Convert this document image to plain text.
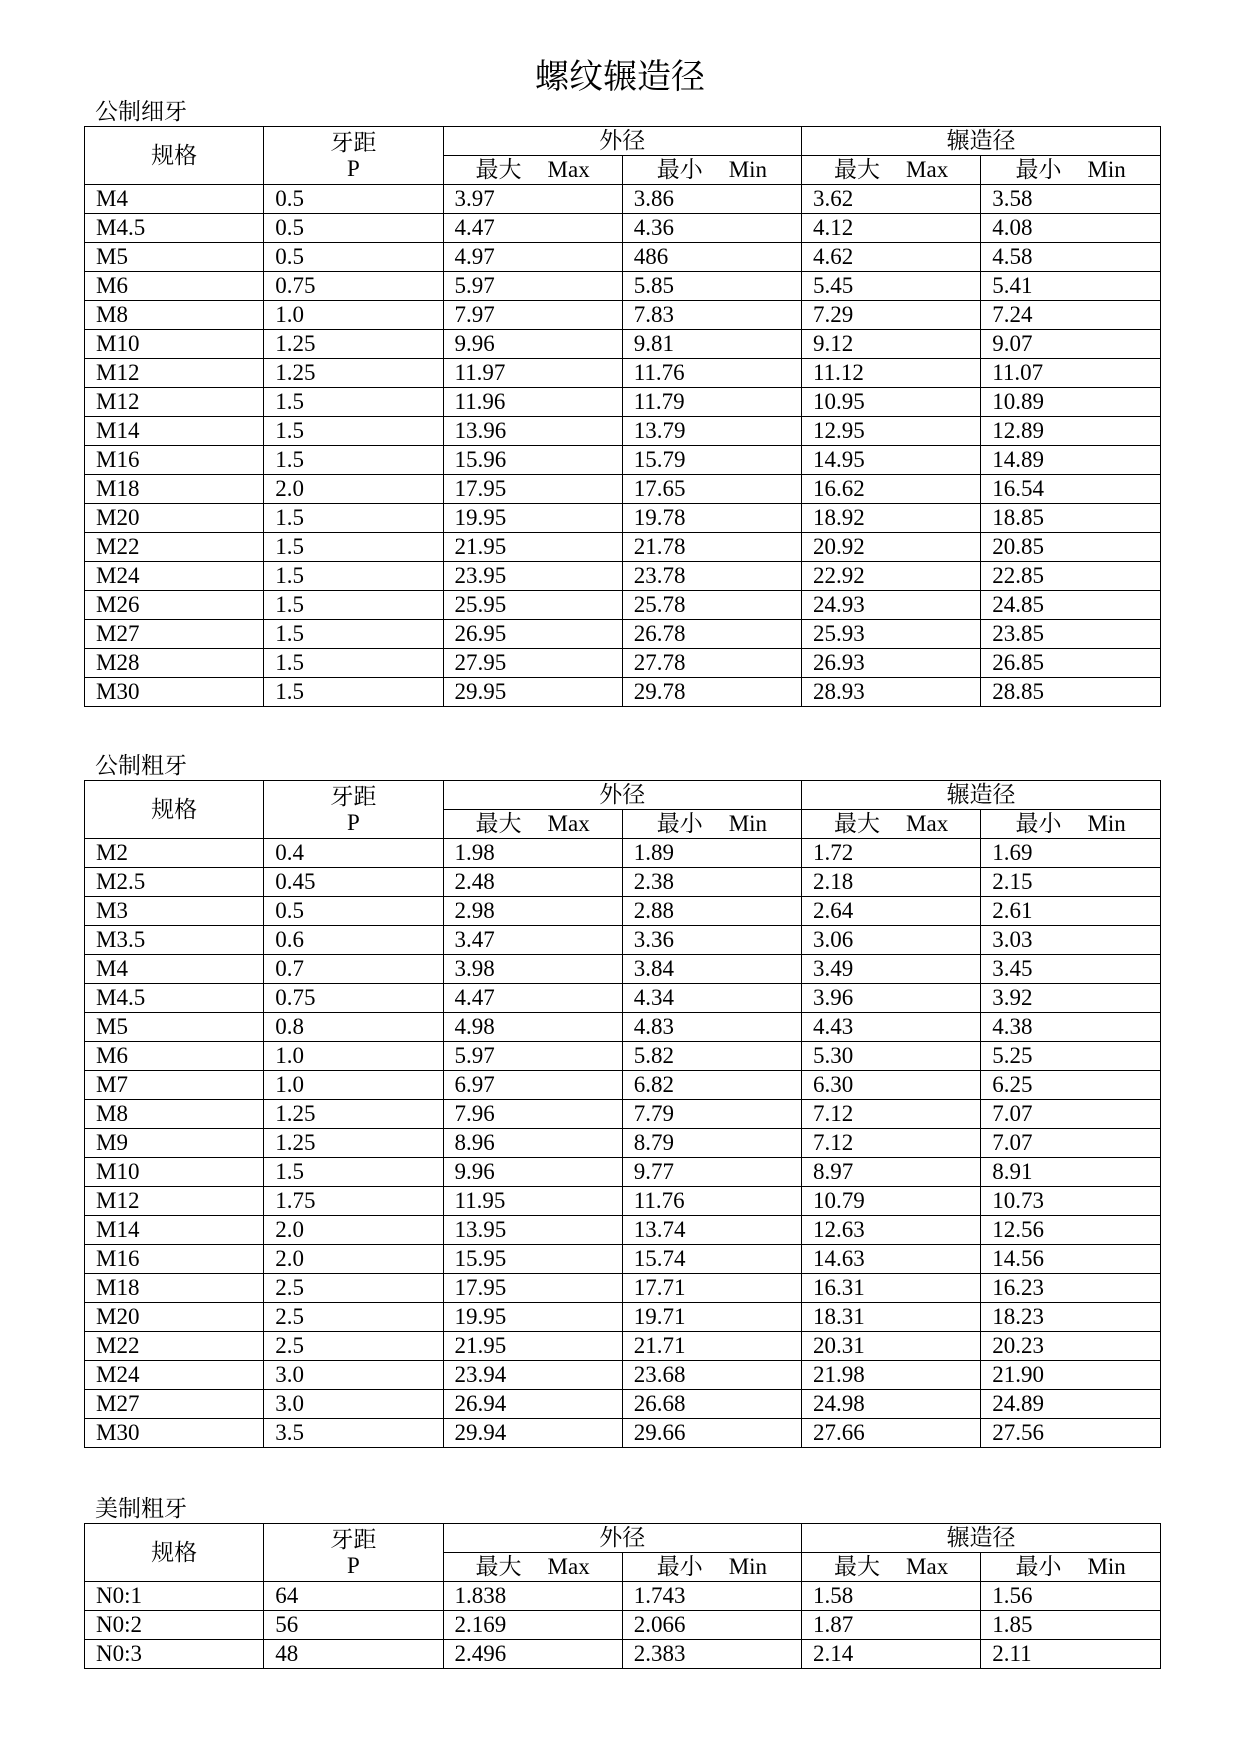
螺纹辗造径
公制细牙
规格	牙距
P	外径		辗造径	
		最大 Max	最小 Min	最大 Max	最小 Min
M4	0.5	3.97	3.86	3.62	3.58
M4.5	0.5	4.47	4.36	4.12	4.08
M5	0.5	4.97	486	4.62	4.58
M6	0.75	5.97	5.85	5.45	5.41
M8	1.0	7.97	7.83	7.29	7.24
M10	1.25	9.96	9.81	9.12	9.07
M12	1.25	11.97	11.76	11.12	11.07
M12	1.5	11.96	11.79	10.95	10.89
M14	1.5	13.96	13.79	12.95	12.89
M16	1.5	15.96	15.79	14.95	14.89
M18	2.0	17.95	17.65	16.62	16.54
M20	1.5	19.95	19.78	18.92	18.85
M22	1.5	21.95	21.78	20.92	20.85
M24	1.5	23.95	23.78	22.92	22.85
M26	1.5	25.95	25.78	24.93	24.85
M27	1.5	26.95	26.78	25.93	23.85
M28	1.5	27.95	27.78	26.93	26.85
M30	1.5	29.95	29.78	28.93	28.85
公制粗牙
规格	牙距
P	外径		辗造径	
		最大 Max	最小 Min	最大 Max	最小 Min
M2	0.4	1.98	1.89	1.72	1.69
M2.5	0.45	2.48	2.38	2.18	2.15
M3	0.5	2.98	2.88	2.64	2.61
M3.5	0.6	3.47	3.36	3.06	3.03
M4	0.7	3.98	3.84	3.49	3.45
M4.5	0.75	4.47	4.34	3.96	3.92
M5	0.8	4.98	4.83	4.43	4.38
M6	1.0	5.97	5.82	5.30	5.25
M7	1.0	6.97	6.82	6.30	6.25
M8	1.25	7.96	7.79	7.12	7.07
M9	1.25	8.96	8.79	7.12	7.07
M10	1.5	9.96	9.77	8.97	8.91
M12	1.75	11.95	11.76	10.79	10.73
M14	2.0	13.95	13.74	12.63	12.56
M16	2.0	15.95	15.74	14.63	14.56
M18	2.5	17.95	17.71	16.31	16.23
M20	2.5	19.95	19.71	18.31	18.23
M22	2.5	21.95	21.71	20.31	20.23
M24	3.0	23.94	23.68	21.98	21.90
M27	3.0	26.94	26.68	24.98	24.89
M30	3.5	29.94	29.66	27.66	27.56
美制粗牙
规格	牙距
P	外径		辗造径	
		最大 Max	最小 Min	最大 Max	最小 Min
N0:1	64	1.838	1.743	1.58	1.56
N0:2	56	2.169	2.066	1.87	1.85
N0:3	48	2.496	2.383	2.14	2.11
